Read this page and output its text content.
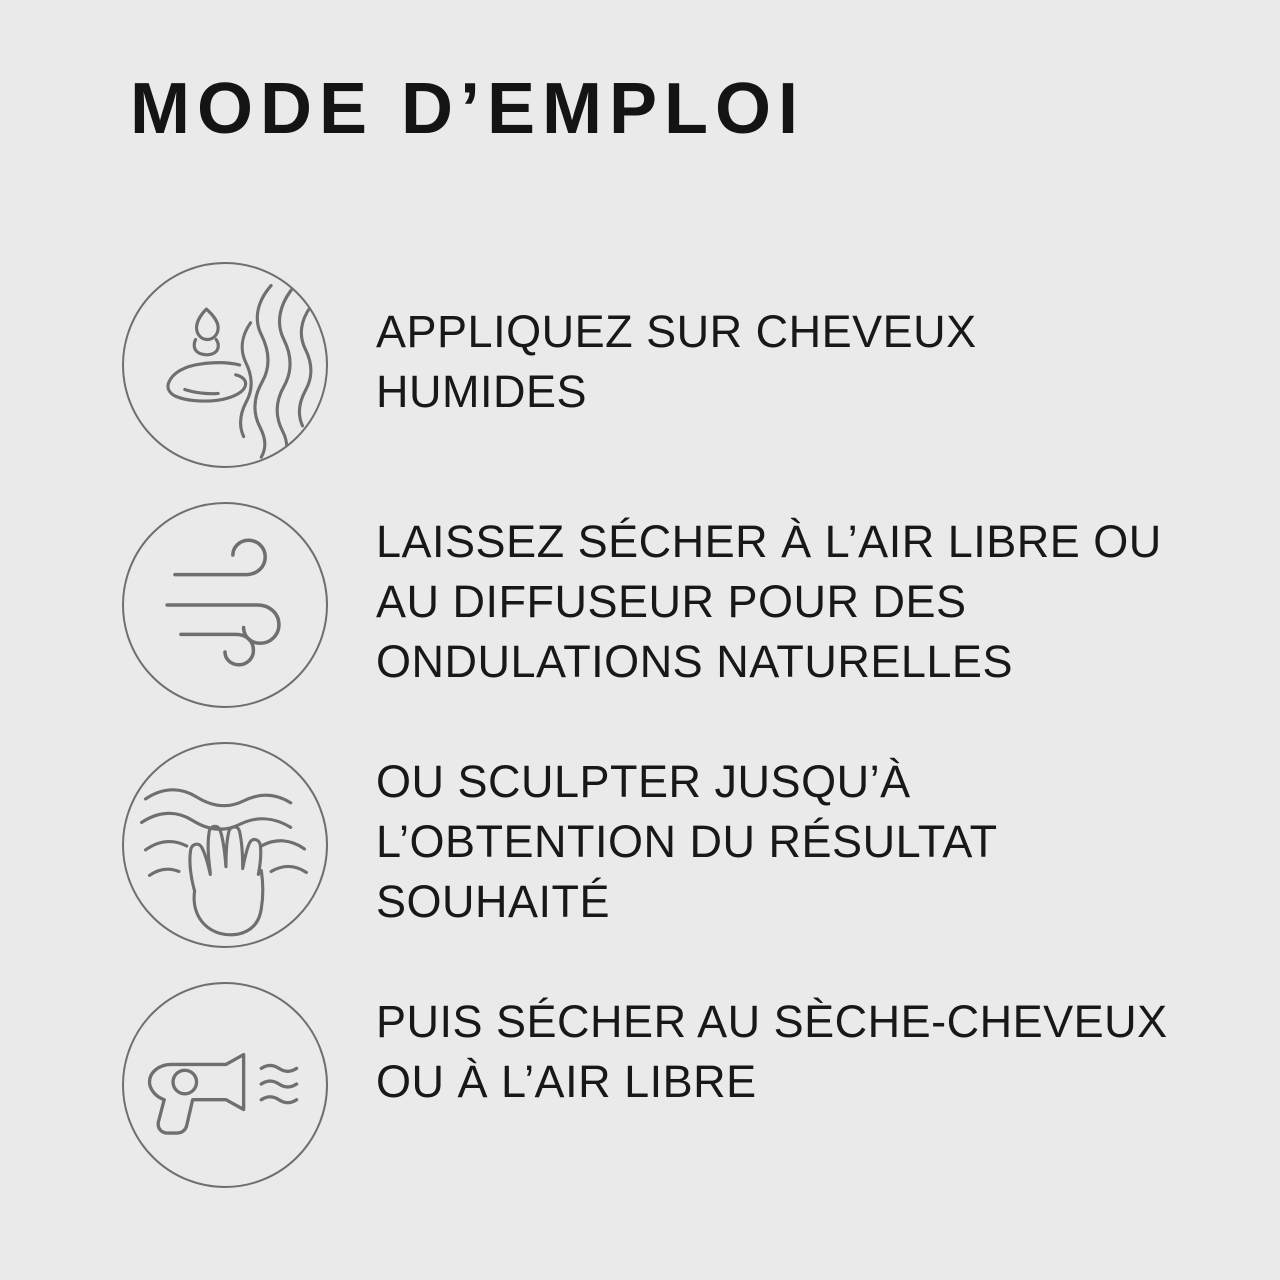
MODE D’EMPLOI
APPLIQUEZ SUR CHEVEUX HUMIDES
LAISSEZ SÉCHER À L’AIR LIBRE OU AU DIFFUSEUR POUR DES ONDULATIONS NATURELLES
OU SCULPTER JUSQU’À L’OBTENTION DU RÉSULTAT SOUHAITÉ
PUIS SÉCHER AU SÈCHE-CHEVEUX OU À L’AIR LIBRE
